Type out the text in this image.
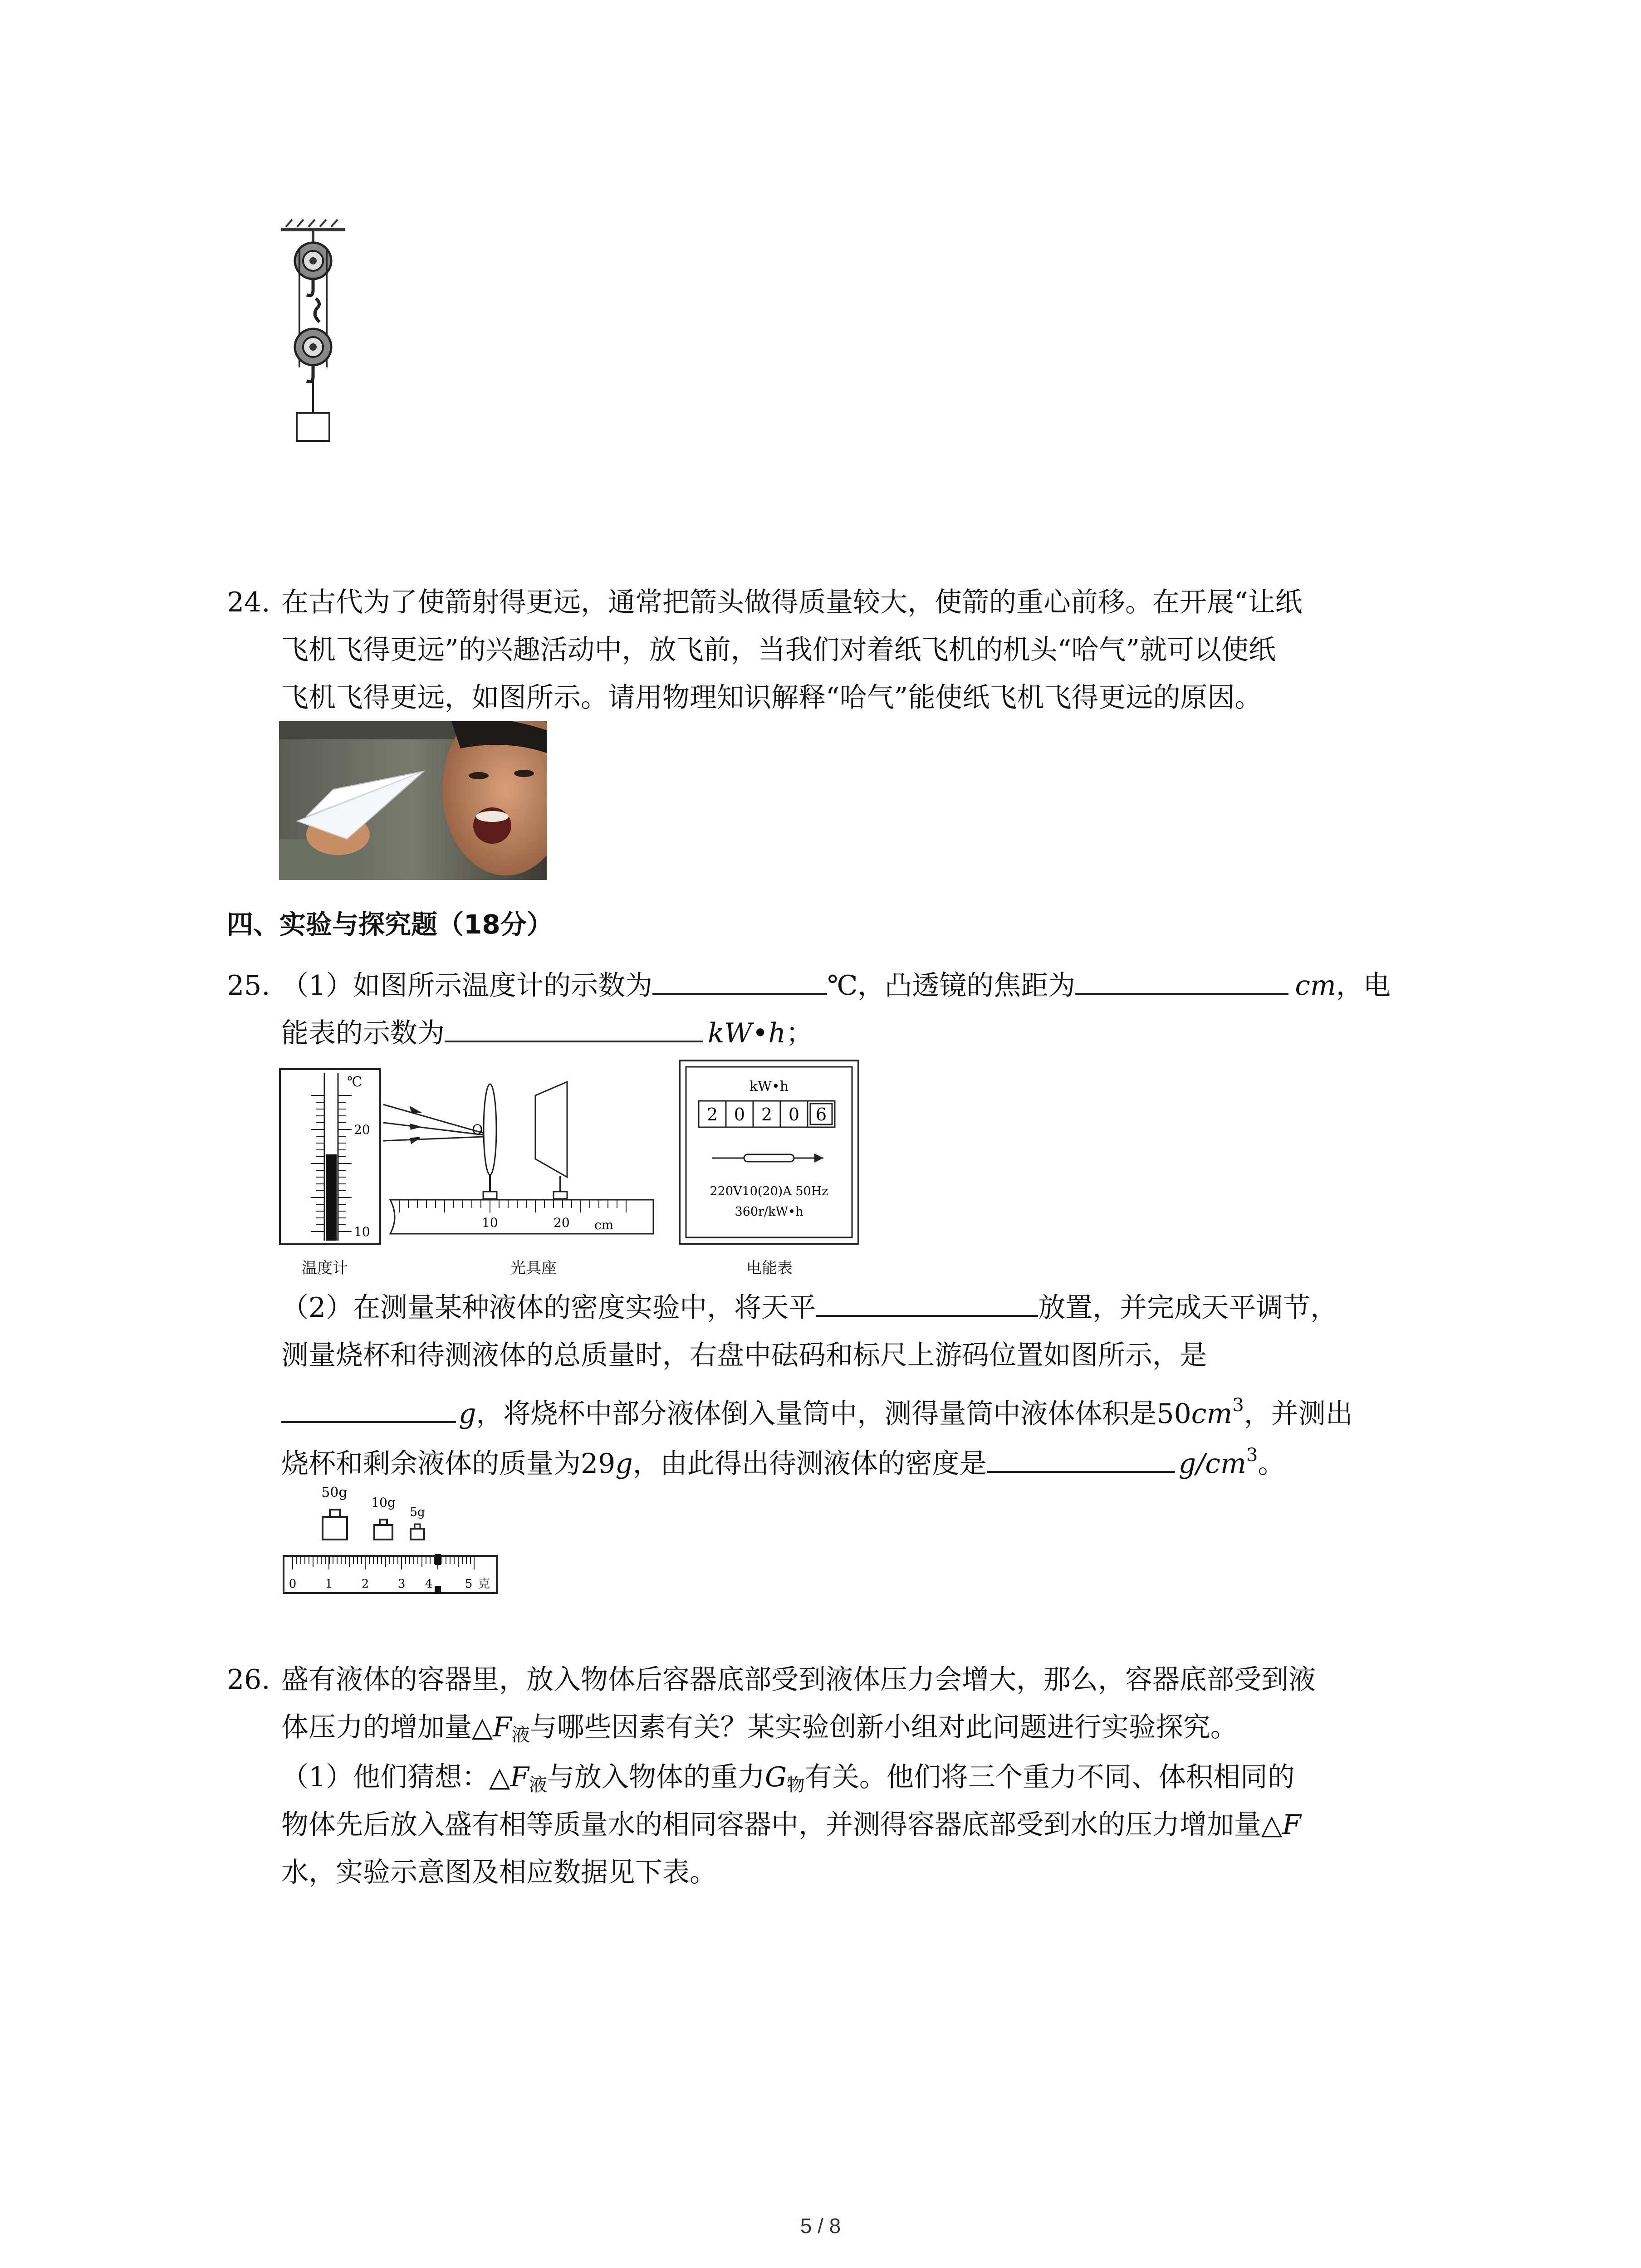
24. 在古代为了使箭射得更远，通常把箭头做得质量较大，使箭的重心前移。在开展“让纸
飞机飞得更远”的兴趣活动中，放飞前，当我们对着纸飞机的机头“哈气”就可以使纸
飞机飞得更远，如图所示。请用物理知识解释“哈气”能使纸飞机飞得更远的原因。
四、实验与探究题（18分）
25. （1）如图所示温度计的示数为	℃，凸透镜的焦距为	cm，电
能表的示数为	kW•h；
℃
20
10
O
10	20 cm
kW•h
2 0 2 0 6
220V10(20)A 50Hz
360r/kW•h
温度计	光具座	电能表
（2）在测量某种液体的密度实验中，将天平	放置，并完成天平调节，
测量烧杯和待测液体的总质量时，右盘中砝码和标尺上游码位置如图所示，是
g，将烧杯中部分液体倒入量筒中，测得量筒中液体体积是$50cm^3$，并测出
烧杯和剩余液体的质量为29g，由此得出待测液体的密度是	$g/cm^3$。
50g
10g
5g
0 1 2 3 4	5 克
26. 盛有液体的容器里，放入物体后容器底部受到液体压力会增大，那么，容器底部受到液
体压力的增加量$\triangle F_液$与哪些因素有关？某实验创新小组对此问题进行实验探究。
（1）他们猜想：$\triangle F_液$与放入物体的重力$G_物$有关。他们将三个重力不同、体积相同的
物体先后放入盛有相等质量水的相同容器中，并测得容器底部受到水的压力增加量△F
水，实验示意图及相应数据见下表。
5 / 8
